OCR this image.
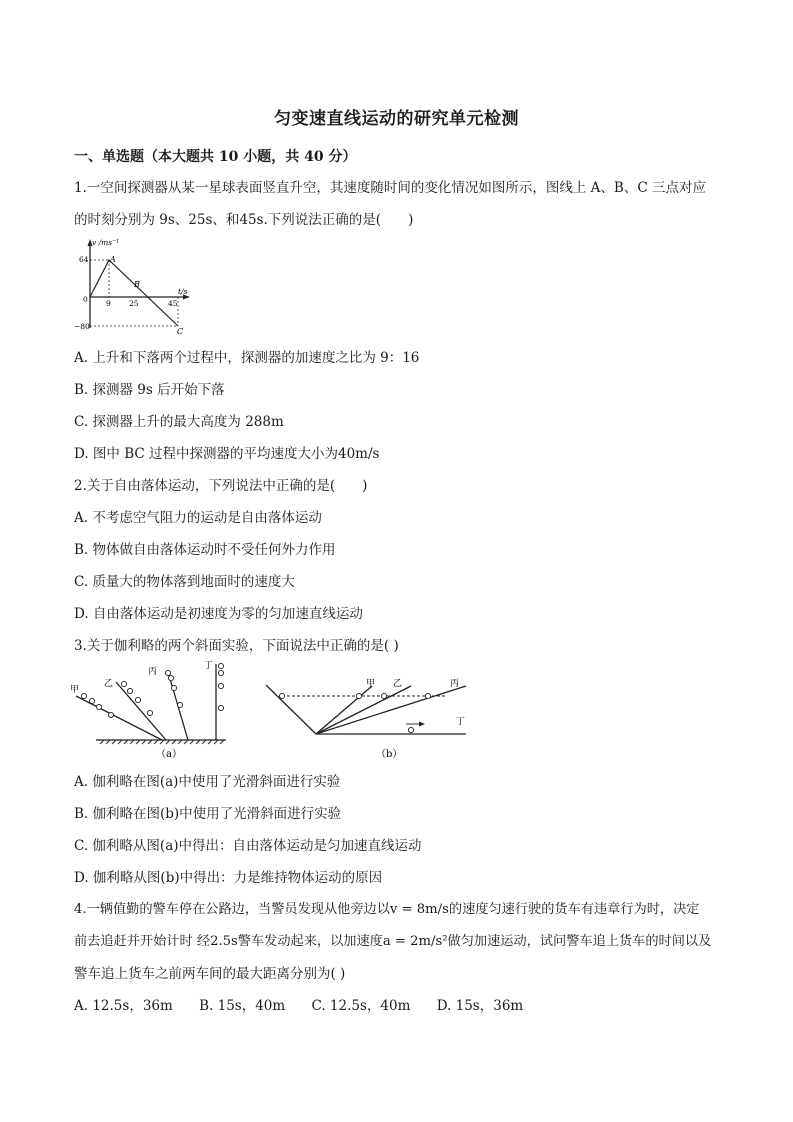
匀变速直线运动的研究单元检测
一、单选题（本大题共 10 小题，共 40 分）
1.一空间探测器从某一星球表面竖直升空，其速度随时间的变化情况如图所示，图线上 A、B、C 三点对应
的时刻分别为 9s、25s、和45s.下列说法正确的是(　　)
v /ms⁻¹
t/s
64
0
−80
9 25	45
A
B
C
A. 上升和下落两个过程中，探测器的加速度之比为 9：16
B. 探测器 9s 后开始下落
C. 探测器上升的最大高度为 288m
D. 图中 BC 过程中探测器的平均速度大小为40m/s
2.关于自由落体运动，下列说法中正确的是(　　)
A. 不考虑空气阻力的运动是自由落体运动
B. 物体做自由落体运动时不受任何外力作用
C. 质量大的物体落到地面时的速度大
D. 自由落体运动是初速度为零的匀加速直线运动
3.关于伽利略的两个斜面实验，下面说法中正确的是( )
甲
乙
丙
丁
（a）
甲 乙	丙
丁
（b）
A. 伽利略在图(a)中使用了光滑斜面进行实验
B. 伽利略在图(b)中使用了光滑斜面进行实验
C. 伽利略从图(a)中得出：自由落体运动是匀加速直线运动
D. 伽利略从图(b)中得出：力是维持物体运动的原因
4.一辆值勤的警车停在公路边，当警员发现从他旁边以v = 8m/s的速度匀速行驶的货车有违章行为时，决定
前去追赶并开始计时 经2.5s警车发动起来，以加速度a = 2m/s²做匀加速运动，试问警车追上货车的时间以及
警车追上货车之前两车间的最大距离分别为( )
A. 12.5s，36m B. 15s，40m C. 12.5s，40m D. 15s，36m
